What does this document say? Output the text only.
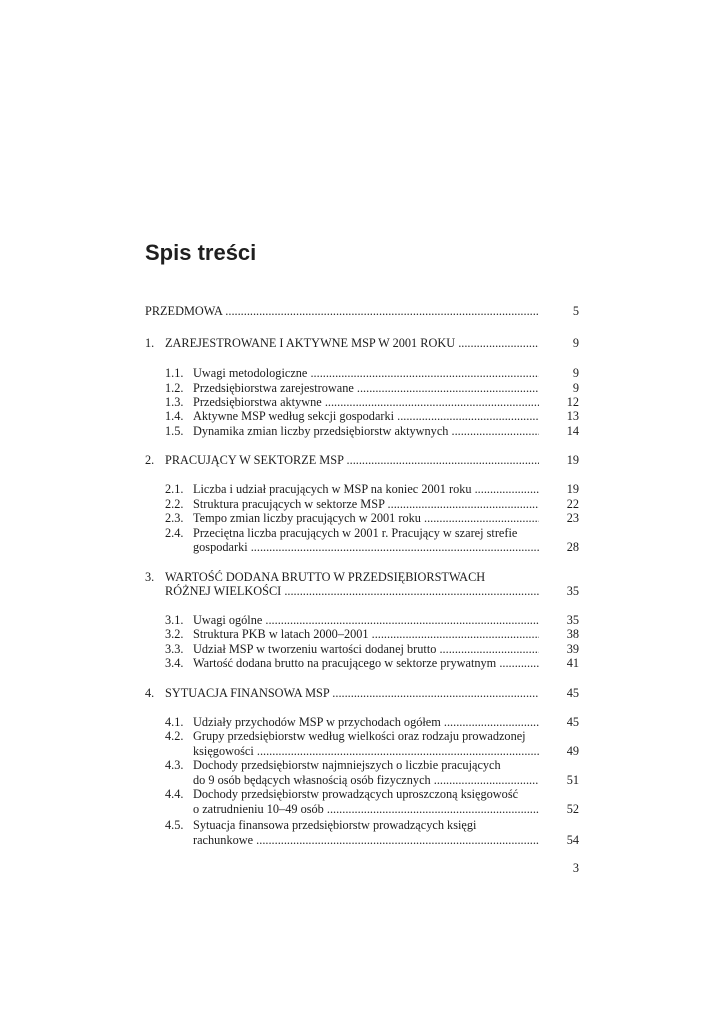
Spis treści
PRZEDMOWA .....	5
1. ZAREJESTROWANE I AKTYWNE MSP W 2001 ROKU .....	9
1.1. Uwagi metodologiczne .....	9
1.2. Przedsiębiorstwa zarejestrowane .....	9
1.3. Przedsiębiorstwa aktywne .....	12
1.4. Aktywne MSP według sekcji gospodarki .....	13
1.5. Dynamika zmian liczby przedsiębiorstw aktywnych .....	14
2. PRACUJĄCY W SEKTORZE MSP .....	19
2.1. Liczba i udział pracujących w MSP na koniec 2001 roku .....	19
2.2. Struktura pracujących w sektorze MSP .....	22
2.3. Tempo zmian liczby pracujących w 2001 roku .....	23
2.4. Przeciętna liczba pracujących w 2001 r. Pracujący w szarej strefie
gospodarki .....	28
3. WARTOŚĆ DODANA BRUTTO W PRZEDSIĘBIORSTWACH
RÓŻNEJ WIELKOŚCI .....	35
3.1. Uwagi ogólne .....	35
3.2. Struktura PKB w latach 2000–2001 .....	38
3.3. Udział MSP w tworzeniu wartości dodanej brutto .....	39
3.4. Wartość dodana brutto na pracującego w sektorze prywatnym .....	41
4. SYTUACJA FINANSOWA MSP .....	45
4.1. Udziały przychodów MSP w przychodach ogółem .....	45
4.2. Grupy przedsiębiorstw według wielkości oraz rodzaju prowadzonej
księgowości .....	49
4.3. Dochody przedsiębiorstw najmniejszych o liczbie pracujących
do 9 osób będących własnością osób fizycznych .....	51
4.4. Dochody przedsiębiorstw prowadzących uproszczoną księgowość
o zatrudnieniu 10–49 osób .....	52
4.5. Sytuacja finansowa przedsiębiorstw prowadzących księgi
rachunkowe .....	54
3
